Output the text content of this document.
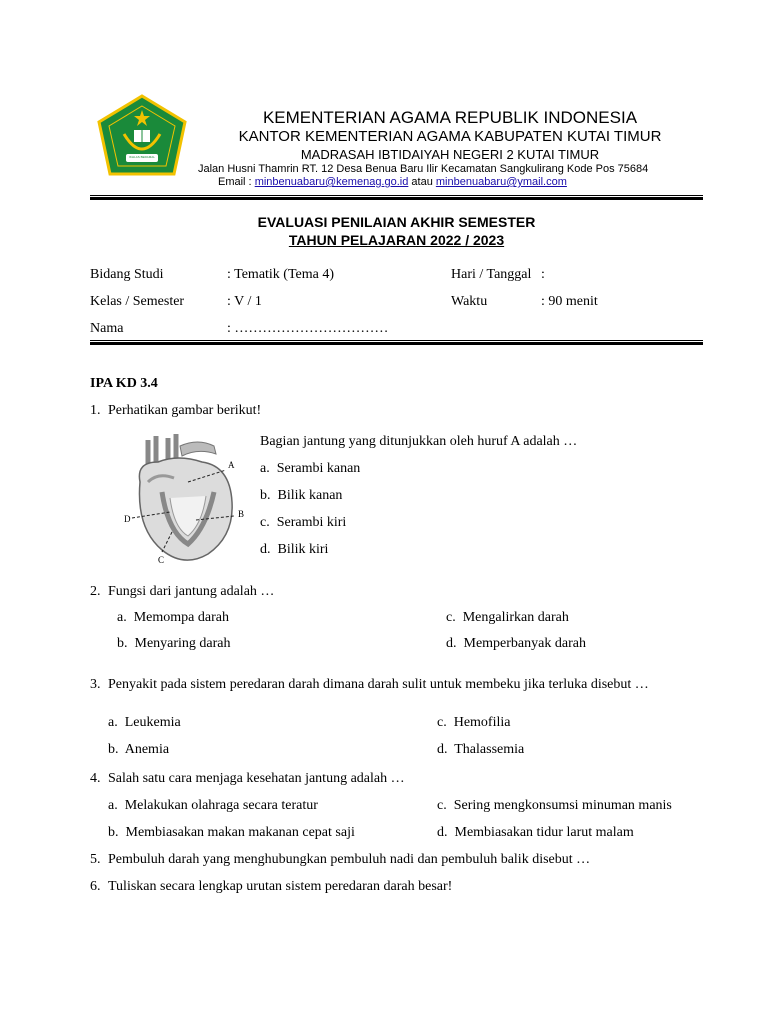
IKHLAS BERAMAL
KEMENTERIAN AGAMA REPUBLIK INDONESIA
KANTOR KEMENTERIAN AGAMA KABUPATEN KUTAI TIMUR
MADRASAH IBTIDAIYAH NEGERI 2 KUTAI TIMUR
Jalan Husni Thamrin RT. 12 Desa Benua Baru Ilir Kecamatan Sangkulirang Kode Pos 75684
Email : minbenuabaru@kemenag.go.id atau minbenuabaru@ymail.com
EVALUASI PENILAIAN AKHIR SEMESTER
TAHUN PELAJARAN 2022 / 2023
Bidang Studi	: Tematik (Tema 4)	Hari / Tanggal :
Kelas / Semester	: V / 1	Waktu	: 90 menit
Nama	: ……………………………
IPA KD 3.4
1. Perhatikan gambar berikut!
A
B
C
D
Bagian jantung yang ditunjukkan oleh huruf A adalah …
a. Serambi kanan
b. Bilik kanan
c. Serambi kiri
d. Bilik kiri
2. Fungsi dari jantung adalah …
a. Memompa darah
b. Menyaring darah
c. Mengalirkan darah
d. Memperbanyak darah
3. Penyakit pada sistem peredaran darah dimana darah sulit untuk membeku jika terluka disebut …
a. Leukemia
b. Anemia
c. Hemofilia
d. Thalassemia
4. Salah satu cara menjaga kesehatan jantung adalah …
a. Melakukan olahraga secara teratur
b. Membiasakan makan makanan cepat saji
c. Sering mengkonsumsi minuman manis
d. Membiasakan tidur larut malam
5. Pembuluh darah yang menghubungkan pembuluh nadi dan pembuluh balik disebut …
6. Tuliskan secara lengkap urutan sistem peredaran darah besar!
